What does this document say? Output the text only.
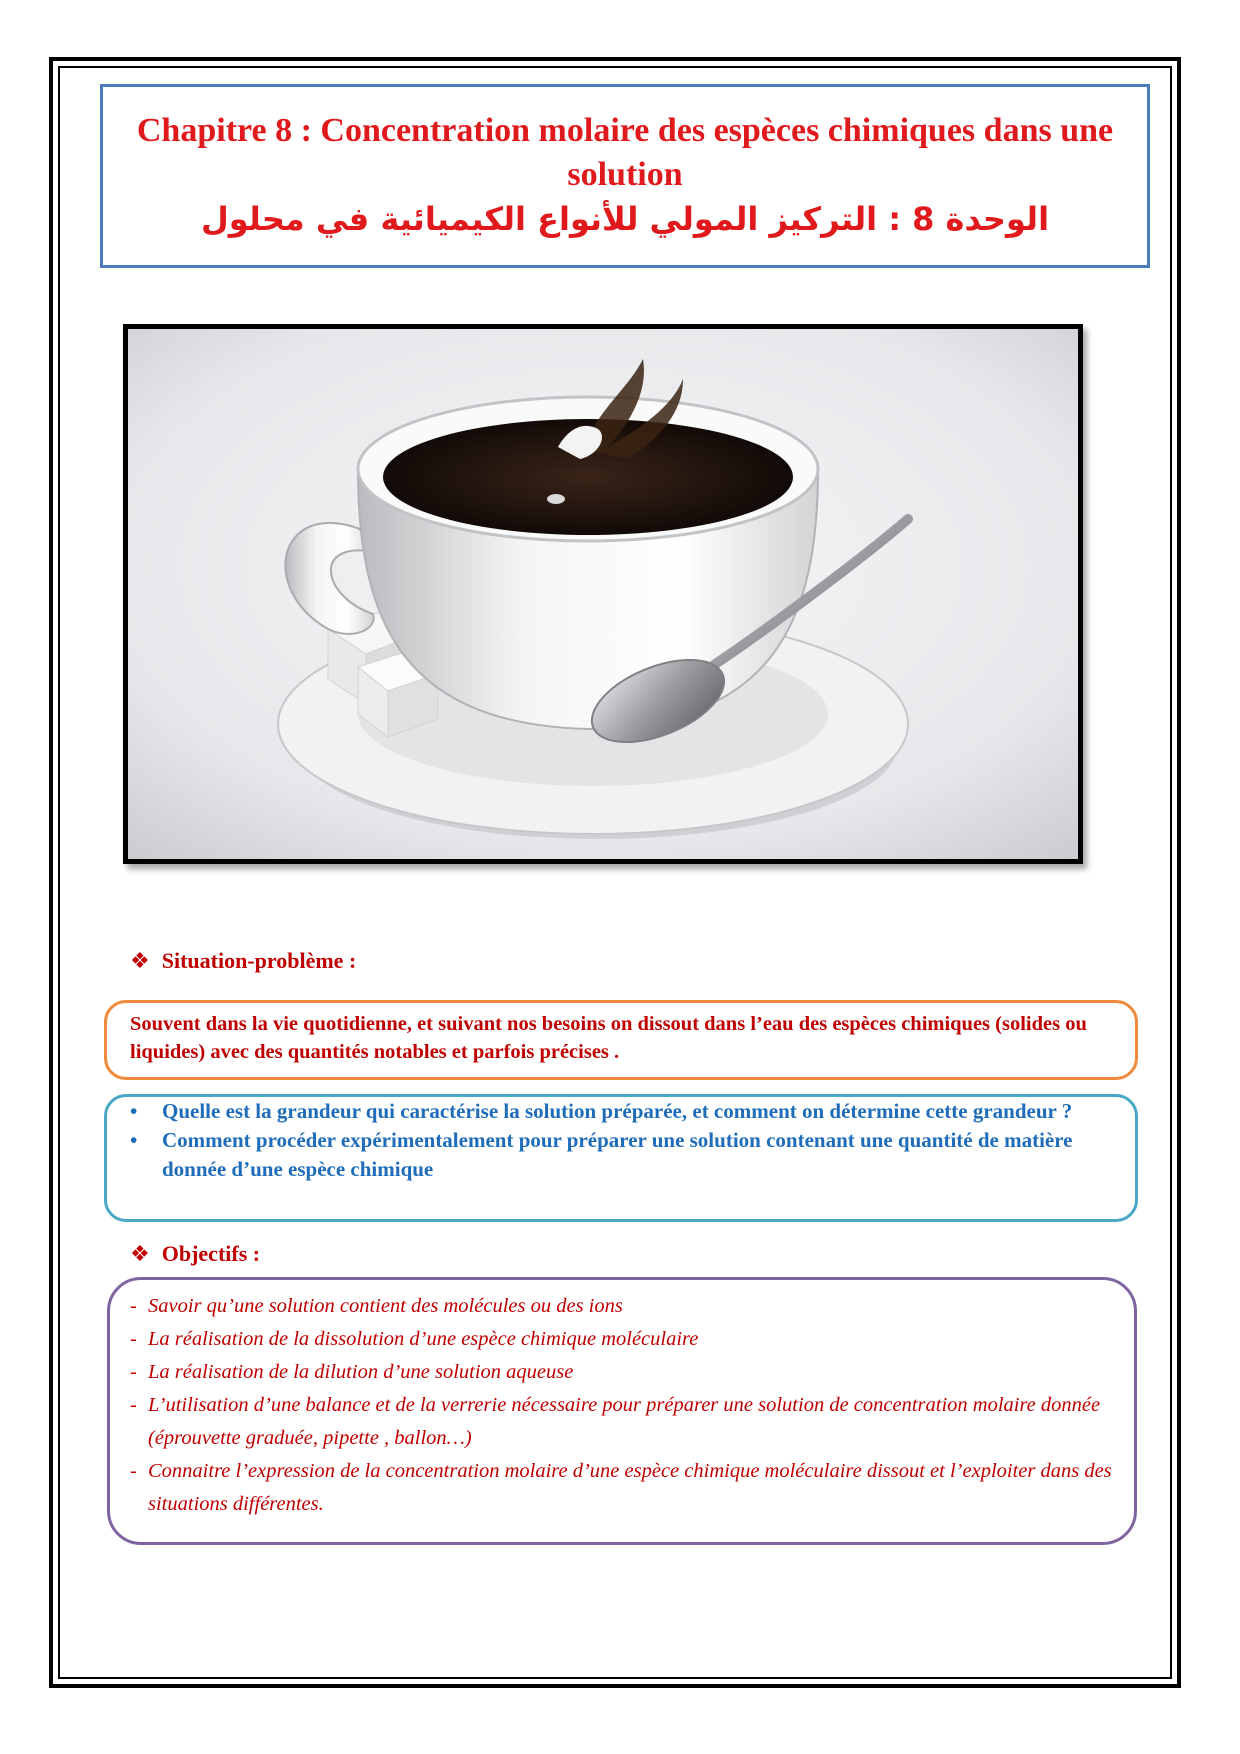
Chapitre 8 : Concentration molaire des espèces chimiques dans une solution
الوحدة 8 : التركيز المولي للأنواع الكيميائية في محلول
❖ Situation-problème :
Souvent dans la vie quotidienne, et suivant nos besoins on dissout dans l’eau des espèces chimiques (solides ou liquides) avec des quantités notables et parfois précises .
• Quelle est la grandeur qui caractérise la solution préparée, et comment on détermine cette grandeur ?
• Comment procéder expérimentalement pour préparer une solution contenant une quantité de matière donnée d’une espèce chimique
❖ Objectifs :
- Savoir qu’une solution contient des molécules ou des ions
- La réalisation de la dissolution d’une espèce chimique moléculaire
- La réalisation de la dilution d’une solution aqueuse
- L’utilisation d’une balance et de la verrerie nécessaire pour préparer une solution de concentration molaire donnée (éprouvette graduée, pipette , ballon…)
- Connaitre l’expression de la concentration molaire d’une espèce chimique moléculaire dissout et l’exploiter dans des situations différentes.
